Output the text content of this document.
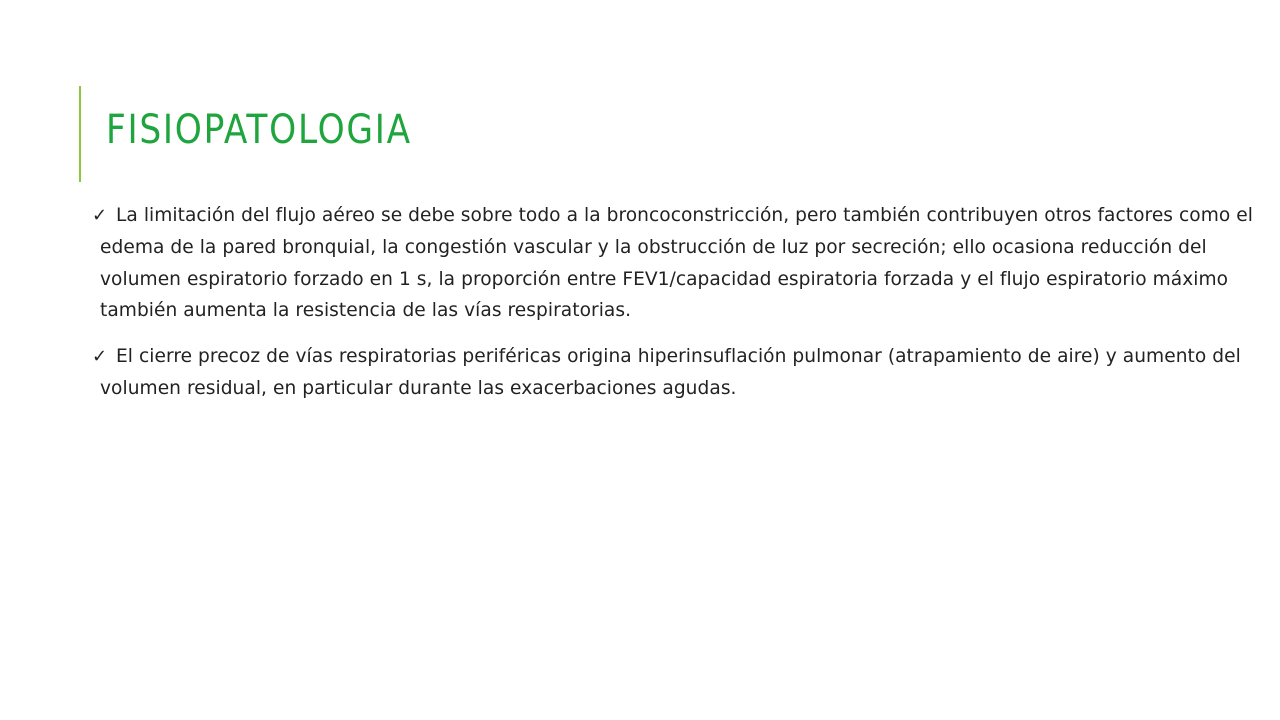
FISIOPATOLOGIA
✓ La limitación del flujo aéreo se debe sobre todo a la broncoconstricción, pero también contribuyen otros factores como el edema de la pared bronquial, la congestión vascular y la obstrucción de luz por secreción; ello ocasiona reducción del volumen espiratorio forzado en 1 s, la proporción entre FEV1/capacidad espiratoria forzada y el flujo espiratorio máximo también aumenta la resistencia de las vías respiratorias.
✓ El cierre precoz de vías respiratorias periféricas origina hiperinsuflación pulmonar (atrapamiento de aire) y aumento del volumen residual, en particular durante las exacerbaciones agudas.
